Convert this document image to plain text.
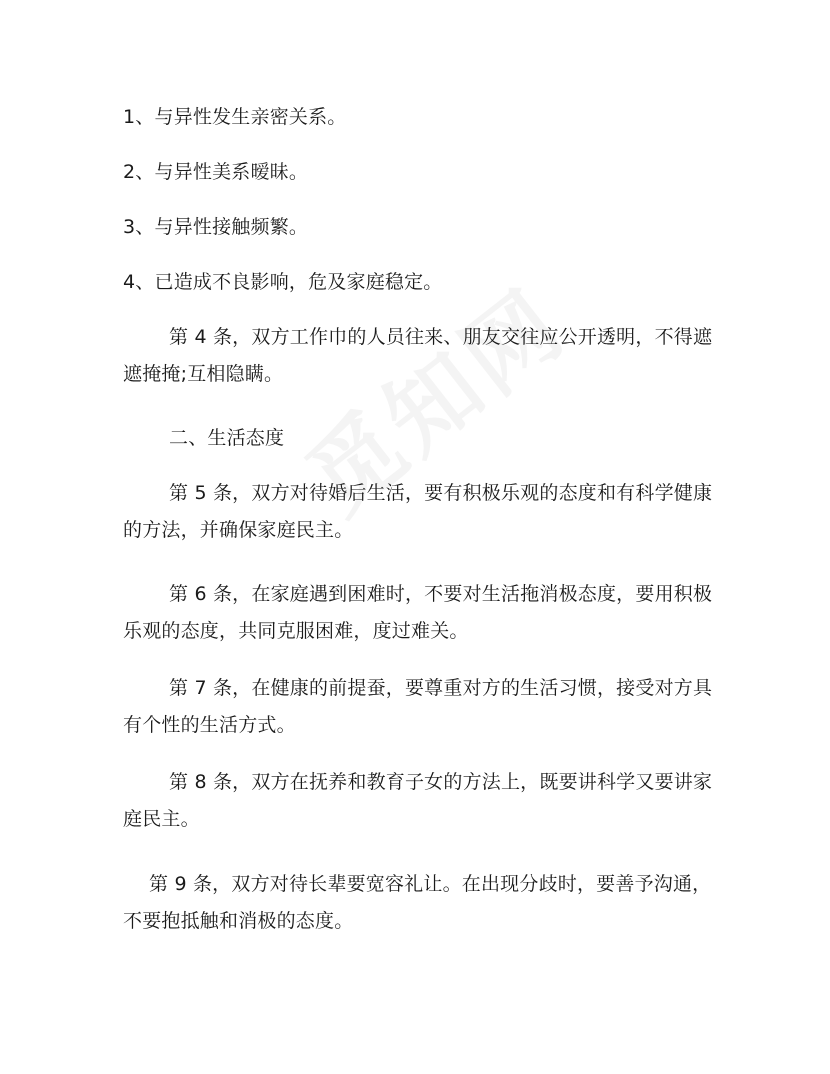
1、与异性发生亲密关系。

2、与异性美系暧昧。

3、与异性接触频繁。

4、已造成不良影响，危及家庭稳定。

第 4 条，双方工作巾的人员往来、朋友交往应公开透明，不得遮遮掩掩;互相隐瞒。

二、生活态度

第 5 条，双方对待婚后生活，要有积极乐观的态度和有科学健康的方法，并确保家庭民主。

第 6 条，在家庭遇到困难时，不要对生活拖消极态度，要用积极乐观的态度，共同克服困难，度过难关。

第 7 条，在健康的前提蚕，要尊重对方的生活习惯，接受对方具有个性的生活方式。

第 8 条，双方在抚养和教育子女的方法上，既要讲科学又要讲家庭民主。

第 9 条，双方对待长辈要宽容礼让。在出现分歧时，要善予沟通，不要抱抵触和消极的态度。
